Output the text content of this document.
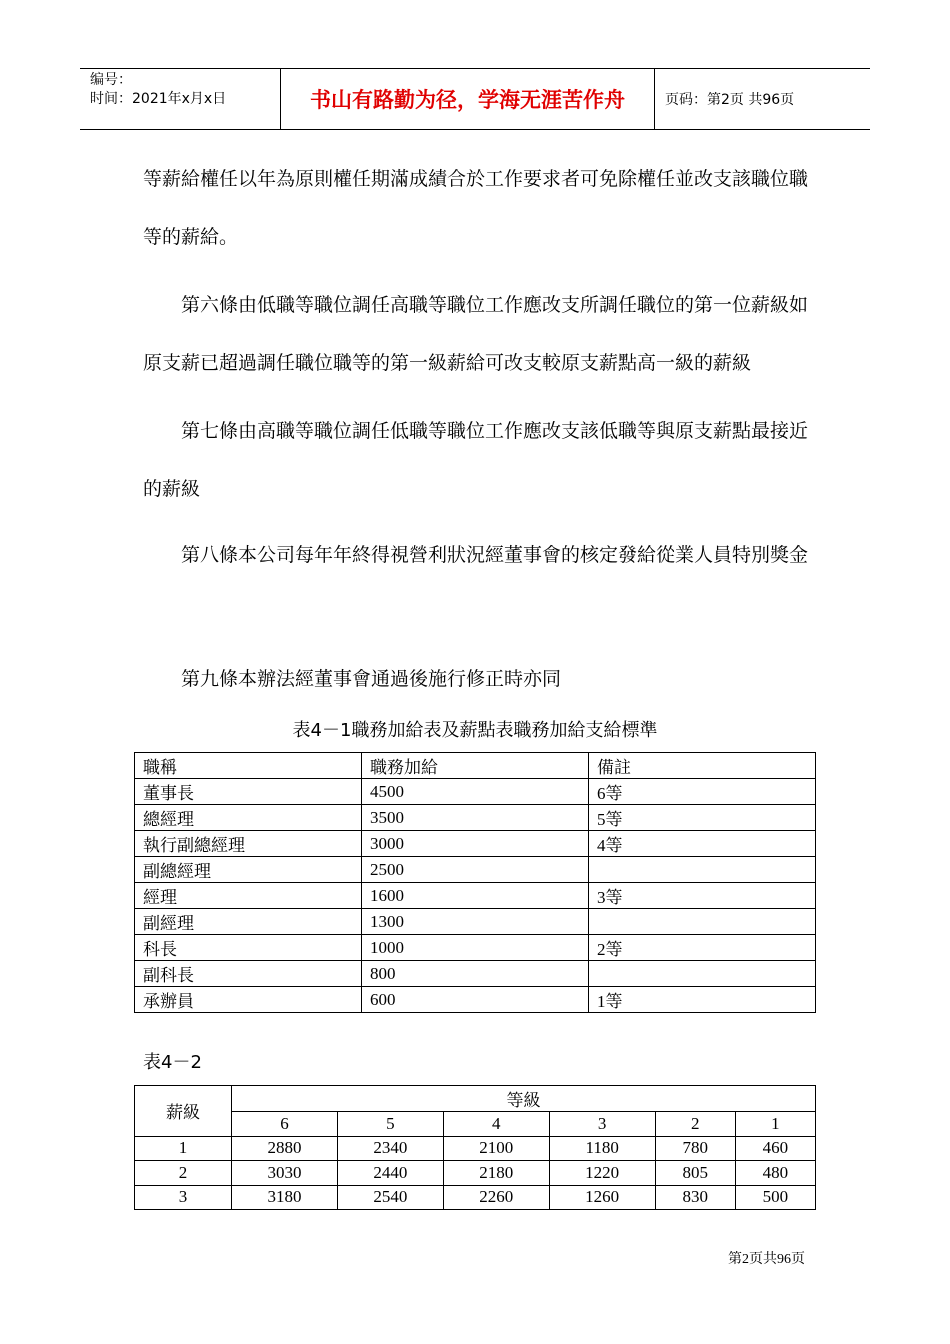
编号：
时间：2021年x月x日	书山有路勤为径，学海无涯苦作舟	页码：第2页 共96页

等薪給權任以年為原則權任期滿成績合於工作要求者可免除權任並改支該職位職等的薪給。

第六條由低職等職位調任高職等職位工作應改支所調任職位的第一位薪級如原支薪已超過調任職位職等的第一級薪給可改支較原支薪點高一級的薪級

第七條由高職等職位調任低職等職位工作應改支該低職等與原支薪點最接近的薪級

第八條本公司每年年終得視營利狀況經董事會的核定發給從業人員特別獎金

第九條本辦法經董事會通過後施行修正時亦同

表4－1職務加給表及薪點表職務加給支給標準
職稱	職務加給	備註
董事長	4500	6等
總經理	3500	5等
執行副總經理	3000	4等
副總經理	2500	
經理	1600	3等
副經理	1300	
科長	1000	2等
副科長	800	
承辦員	600	1等
表4－2
薪級	等級					
	6	5	4	3	2	1
1	2880	2340	2100	1180	780	460
2	3030	2440	2180	1220	805	480
3	3180	2540	2260	1260	830	500
第2页共96页
